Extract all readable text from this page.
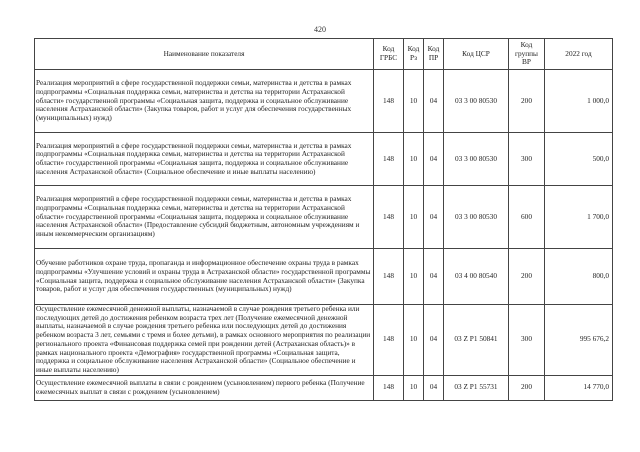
420
Наименование показателя	Код ГРБС	Код Рз	Код ПР	Код ЦСР	Код группы ВР	2022 год
Реализация мероприятий в сфере государственной поддержки семьи, материнства и детства в рамках подпрограммы «Социальная поддержка семьи, материнства и детства на территории Астраханской области» государственной программы «Социальная защита, поддержка и социальное обслуживание населения Астраханской области» (Закупка товаров, работ и услуг для обеспечения государственных (муниципальных) нужд)	148	10	04	03 3 00 80530	200	1 000,0
Реализация мероприятий в сфере государственной поддержки семьи, материнства и детства в рамках подпрограммы «Социальная поддержка семьи, материнства и детства на территории Астраханской области» государственной программы «Социальная защита, поддержка и социальное обслуживание населения Астраханской области» (Социальное обеспечение и иные выплаты населению)	148	10	04	03 3 00 80530	300	500,0
Реализация мероприятий в сфере государственной поддержки семьи, материнства и детства в рамках подпрограммы «Социальная поддержка семьи, материнства и детства на территории Астраханской области» государственной программы «Социальная защита, поддержка и социальное обслуживание населения Астраханской области» (Предоставление субсидий бюджетным, автономным учреждениям и иным некоммерческим организациям)	148	10	04	03 3 00 80530	600	1 700,0
Обучение работников охране труда, пропаганда и информационное обеспечение охраны труда в рамках подпрограммы «Улучшение условий и охраны труда в Астраханской области» государственной программы «Социальная защита, поддержка и социальное обслуживание населения Астраханской области» (Закупка товаров, работ и услуг для обеспечения государственных (муниципальных) нужд)	148	10	04	03 4 00 80540	200	800,0
Осуществление ежемесячной денежной выплаты, назначаемой в случае рождения третьего ребенка или последующих детей до достижения ребенком возраста трех лет (Получение ежемесячной денежной выплаты, назначаемой в случае рождения третьего ребенка или последующих детей до достижения ребенком возраста 3 лет, семьями с тремя и более детьми), в рамках основного мероприятия по реализации регионального проекта «Финансовая поддержка семей при рождении детей (Астраханская область)» в рамках национального проекта «Демография» государственной программы «Социальная защита, поддержка и социальное обслуживание населения Астраханской области» (Социальное обеспечение и иные выплаты населению)	148	10	04	03 Z P1 50841	300	995 676,2
Осуществление ежемесячной выплаты в связи с рождением (усыновлением) первого ребенка (Получение ежемесячных выплат в связи с рождением (усыновлением)	148	10	04	03 Z P1 55731	200	14 770,0
